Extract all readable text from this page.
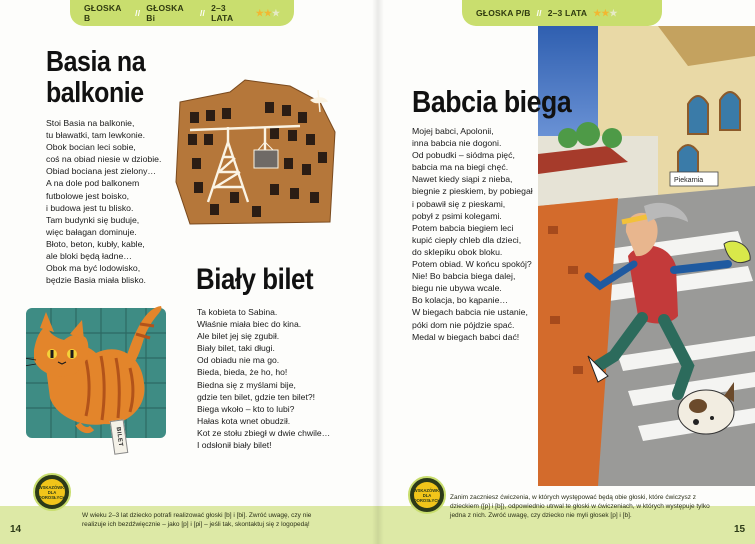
GŁOSKA B	// GŁOSKA Bi	// 2–3 LATA
★★★
Basia na
balkonie
Stoi Basia na balkonie,
tu bławatki, tam lewkonie.
Obok bocian leci sobie,
coś na obiad niesie w dziobie.
Obiad bociana jest zielony…
A na dole pod balkonem
futbolowe jest boisko,
i budowa jest tu blisko.
Tam budynki się buduje,
więc bałagan dominuje.
Błoto, beton, kubły, kable,
ale bloki będą ładne…
Obok ma być lodowisko,
będzie Basia miała blisko.	Biały bilet
Ta kobieta to Sabina.
Właśnie miała biec do kina.
Ale bilet jej się zgubił.
Biały bilet, taki długi.
Od obiadu nie ma go.
Bieda, bieda, że ho, ho!
Biedna się z myślami bije,
gdzie ten bilet, gdzie ten bilet?!
Biega wkoło – kto to lubi?
Hałas kota wnet obudził.
Kot ze stołu zbiegł w dwie chwile…
I odsłonił biały bilet!
BILET
WSKAZÓWKI
DLA
DOROSŁYCH
W wieku 2–3 lat dziecko potrafi realizować głoski [b] i [bi]. Zwróć uwagę, czy nie realizuje ich bezdźwięcznie – jako [p] i [pi] – jeśli tak, skontaktuj się z logopedą!
14
GŁOSKA P/B // 2–3 LATA ★★★
Piekarnia
Babcia biega
Mojej babci, Apolonii,
inna babcia nie dogoni.
Od pobudki – siódma pięć,
babcia ma na biegi chęć.
Nawet kiedy siąpi z nieba,
biegnie z pieskiem, by pobiegał
i pobawił się z pieskami,
pobył z psimi kolegami.
Potem babcia biegiem leci
kupić ciepły chleb dla dzieci,
do sklepiku obok bloku.
Potem obiad. W końcu spokój?
Nie! Bo babcia biega dalej,
biegu nie ubywa wcale.
Bo kolacja, bo kąpanie…
W biegach babcia nie ustanie,
póki dom nie pójdzie spać.
Medal w biegach babci dać!
WSKAZÓWKI
DLA
DOROSŁYCH Zanim zaczniesz ćwiczenia, w których występować będą obie głoski, które ćwiczysz z dzieckiem ([p] i [b]), odpowiednio utrwal te głoski w ćwiczeniach, w których występuje tylko jedna z nich. Zwróć uwagę, czy dziecko nie myli głosek [p] i [b].
15
